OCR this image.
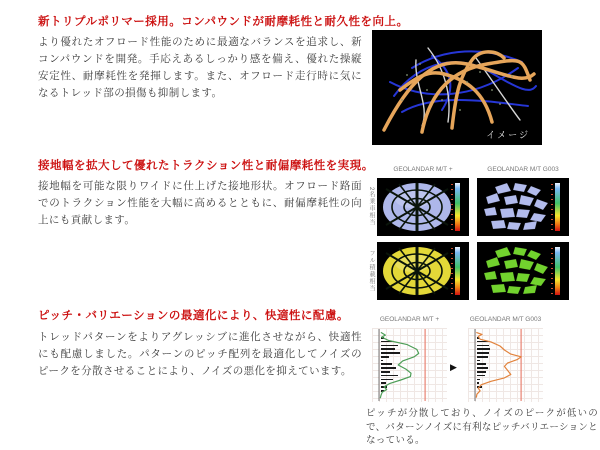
新トリプルポリマー採用。コンパウンドが耐摩耗性と耐久性を向上。
より優れたオフロード性能のために最適なバランスを追求し、新コンパウンドを開発。手応えあるしっかり感を備え、優れた操縦安定性、耐摩耗性を発揮します。また、オフロード走行時に気になるトレッド部の損傷も抑制します。
イメージ
接地幅を拡大して優れたトラクション性と耐偏摩耗性を実現。
接地幅を可能な限りワイドに仕上げた接地形状。オフロード路面でのトラクション性能を大幅に高めるとともに、耐偏摩耗性の向上にも貢献します。
GEOLANDAR M/T +	GEOLANDAR M/T G003
2名乗車相当
フル積載相当
ピッチ・バリエーションの最適化により、快適性に配慮。
トレッドパターンをよりアグレッシブに進化させながら、快適性にも配慮しました。パターンのピッチ配列を最適化してノイズのピークを分散させることにより、ノイズの悪化を抑えています。
GEOLANDAR M/T +	GEOLANDAR M/T G003
▶
ピッチが分散しており、ノイズのピークが低いので、パターンノイズに有利なピッチバリエーションとなっている。
